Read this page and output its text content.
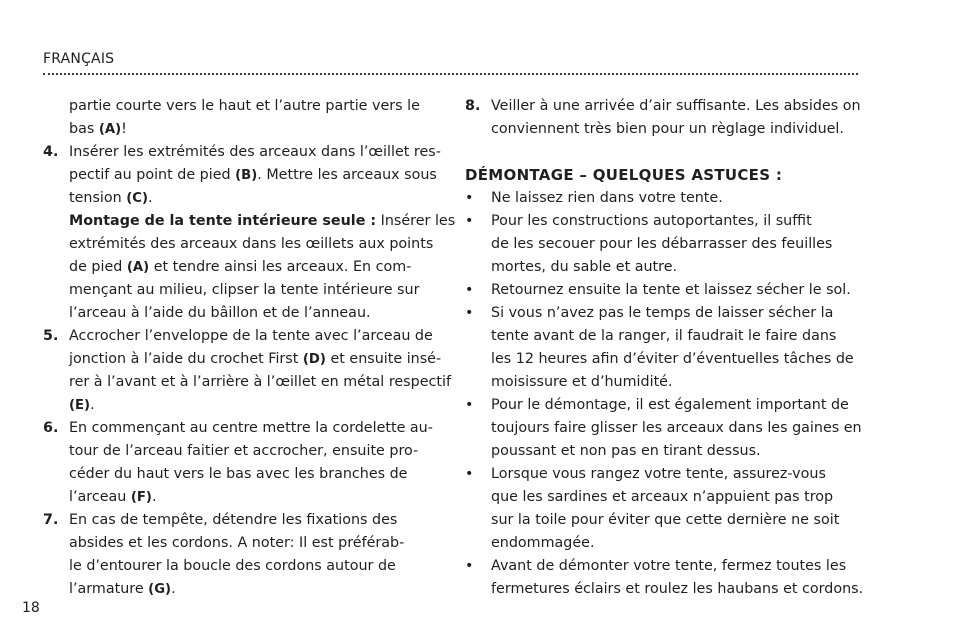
FRANÇAIS
partie courte vers le haut et l’autre partie vers le
bas (A)!
4. Insérer les extrémités des arceaux dans l’œillet res-
pectif au point de pied (B). Mettre les arceaux sous
tension (C).
Montage de la tente intérieure seule : Insérer les
extrémités des arceaux dans les œillets aux points
de pied (A) et tendre ainsi les arceaux. En com-
mençant au milieu, clipser la tente intérieure sur
l’arceau à l’aide du bâillon et de l’anneau.
5. Accrocher l’enveloppe de la tente avec l’arceau de
jonction à l’aide du crochet First (D) et ensuite insé-
rer à l’avant et à l’arrière à l’œillet en métal respectif
(E).
6. En commençant au centre mettre la cordelette au-
tour de l’arceau faitier et accrocher, ensuite pro-
céder du haut vers le bas avec les branches de
l’arceau (F).
7. En cas de tempête, détendre les fixations des
absides et les cordons. A noter: Il est préférab-
le d’entourer la boucle des cordons autour de
l’armature (G).
8. Veiller à une arrivée d’air suffisante. Les absides on
conviennent très bien pour un règlage individuel.
DÉMONTAGE – QUELQUES ASTUCES :
• Ne laissez rien dans votre tente.
• Pour les constructions autoportantes, il suffit
de les secouer pour les débarrasser des feuilles
mortes, du sable et autre.
• Retournez ensuite la tente et laissez sécher le sol.
• Si vous n’avez pas le temps de laisser sécher la
tente avant de la ranger, il faudrait le faire dans
les 12 heures afin d’éviter d’éventuelles tâches de
moisissure et d’humidité.
• Pour le démontage, il est également important de
toujours faire glisser les arceaux dans les gaines en
poussant et non pas en tirant dessus.
• Lorsque vous rangez votre tente, assurez-vous
que les sardines et arceaux n’appuient pas trop
sur la toile pour éviter que cette dernière ne soit
endommagée.
• Avant de démonter votre tente, fermez toutes les
fermetures éclairs et roulez les haubans et cordons.
18
